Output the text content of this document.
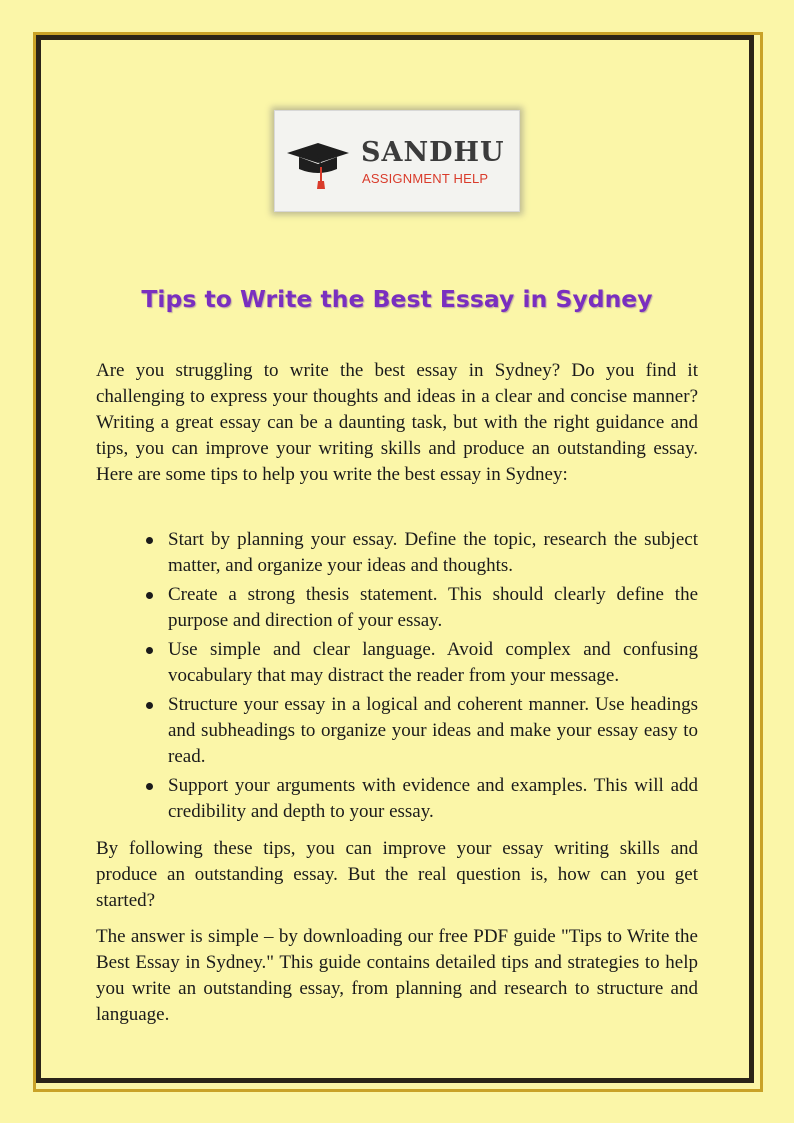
SANDHU
ASSIGNMENT HELP
Tips to Write the Best Essay in Sydney

Are you struggling to write the best essay in Sydney? Do you find it challenging to express your thoughts and ideas in a clear and concise manner? Writing a great essay can be a daunting task, but with the right guidance and tips, you can improve your writing skills and produce an outstanding essay. Here are some tips to help you write the best essay in Sydney:

Start by planning your essay. Define the topic, research the subject matter, and organize your ideas and thoughts.
Create a strong thesis statement. This should clearly define the purpose and direction of your essay.
Use simple and clear language. Avoid complex and confusing vocabulary that may distract the reader from your message.
Structure your essay in a logical and coherent manner. Use headings and subheadings to organize your ideas and make your essay easy to read.
Support your arguments with evidence and examples. This will add credibility and depth to your essay.

By following these tips, you can improve your essay writing skills and produce an outstanding essay. But the real question is, how can you get started?

The answer is simple – by downloading our free PDF guide "Tips to Write the Best Essay in Sydney." This guide contains detailed tips and strategies to help you write an outstanding essay, from planning and research to structure and language.
